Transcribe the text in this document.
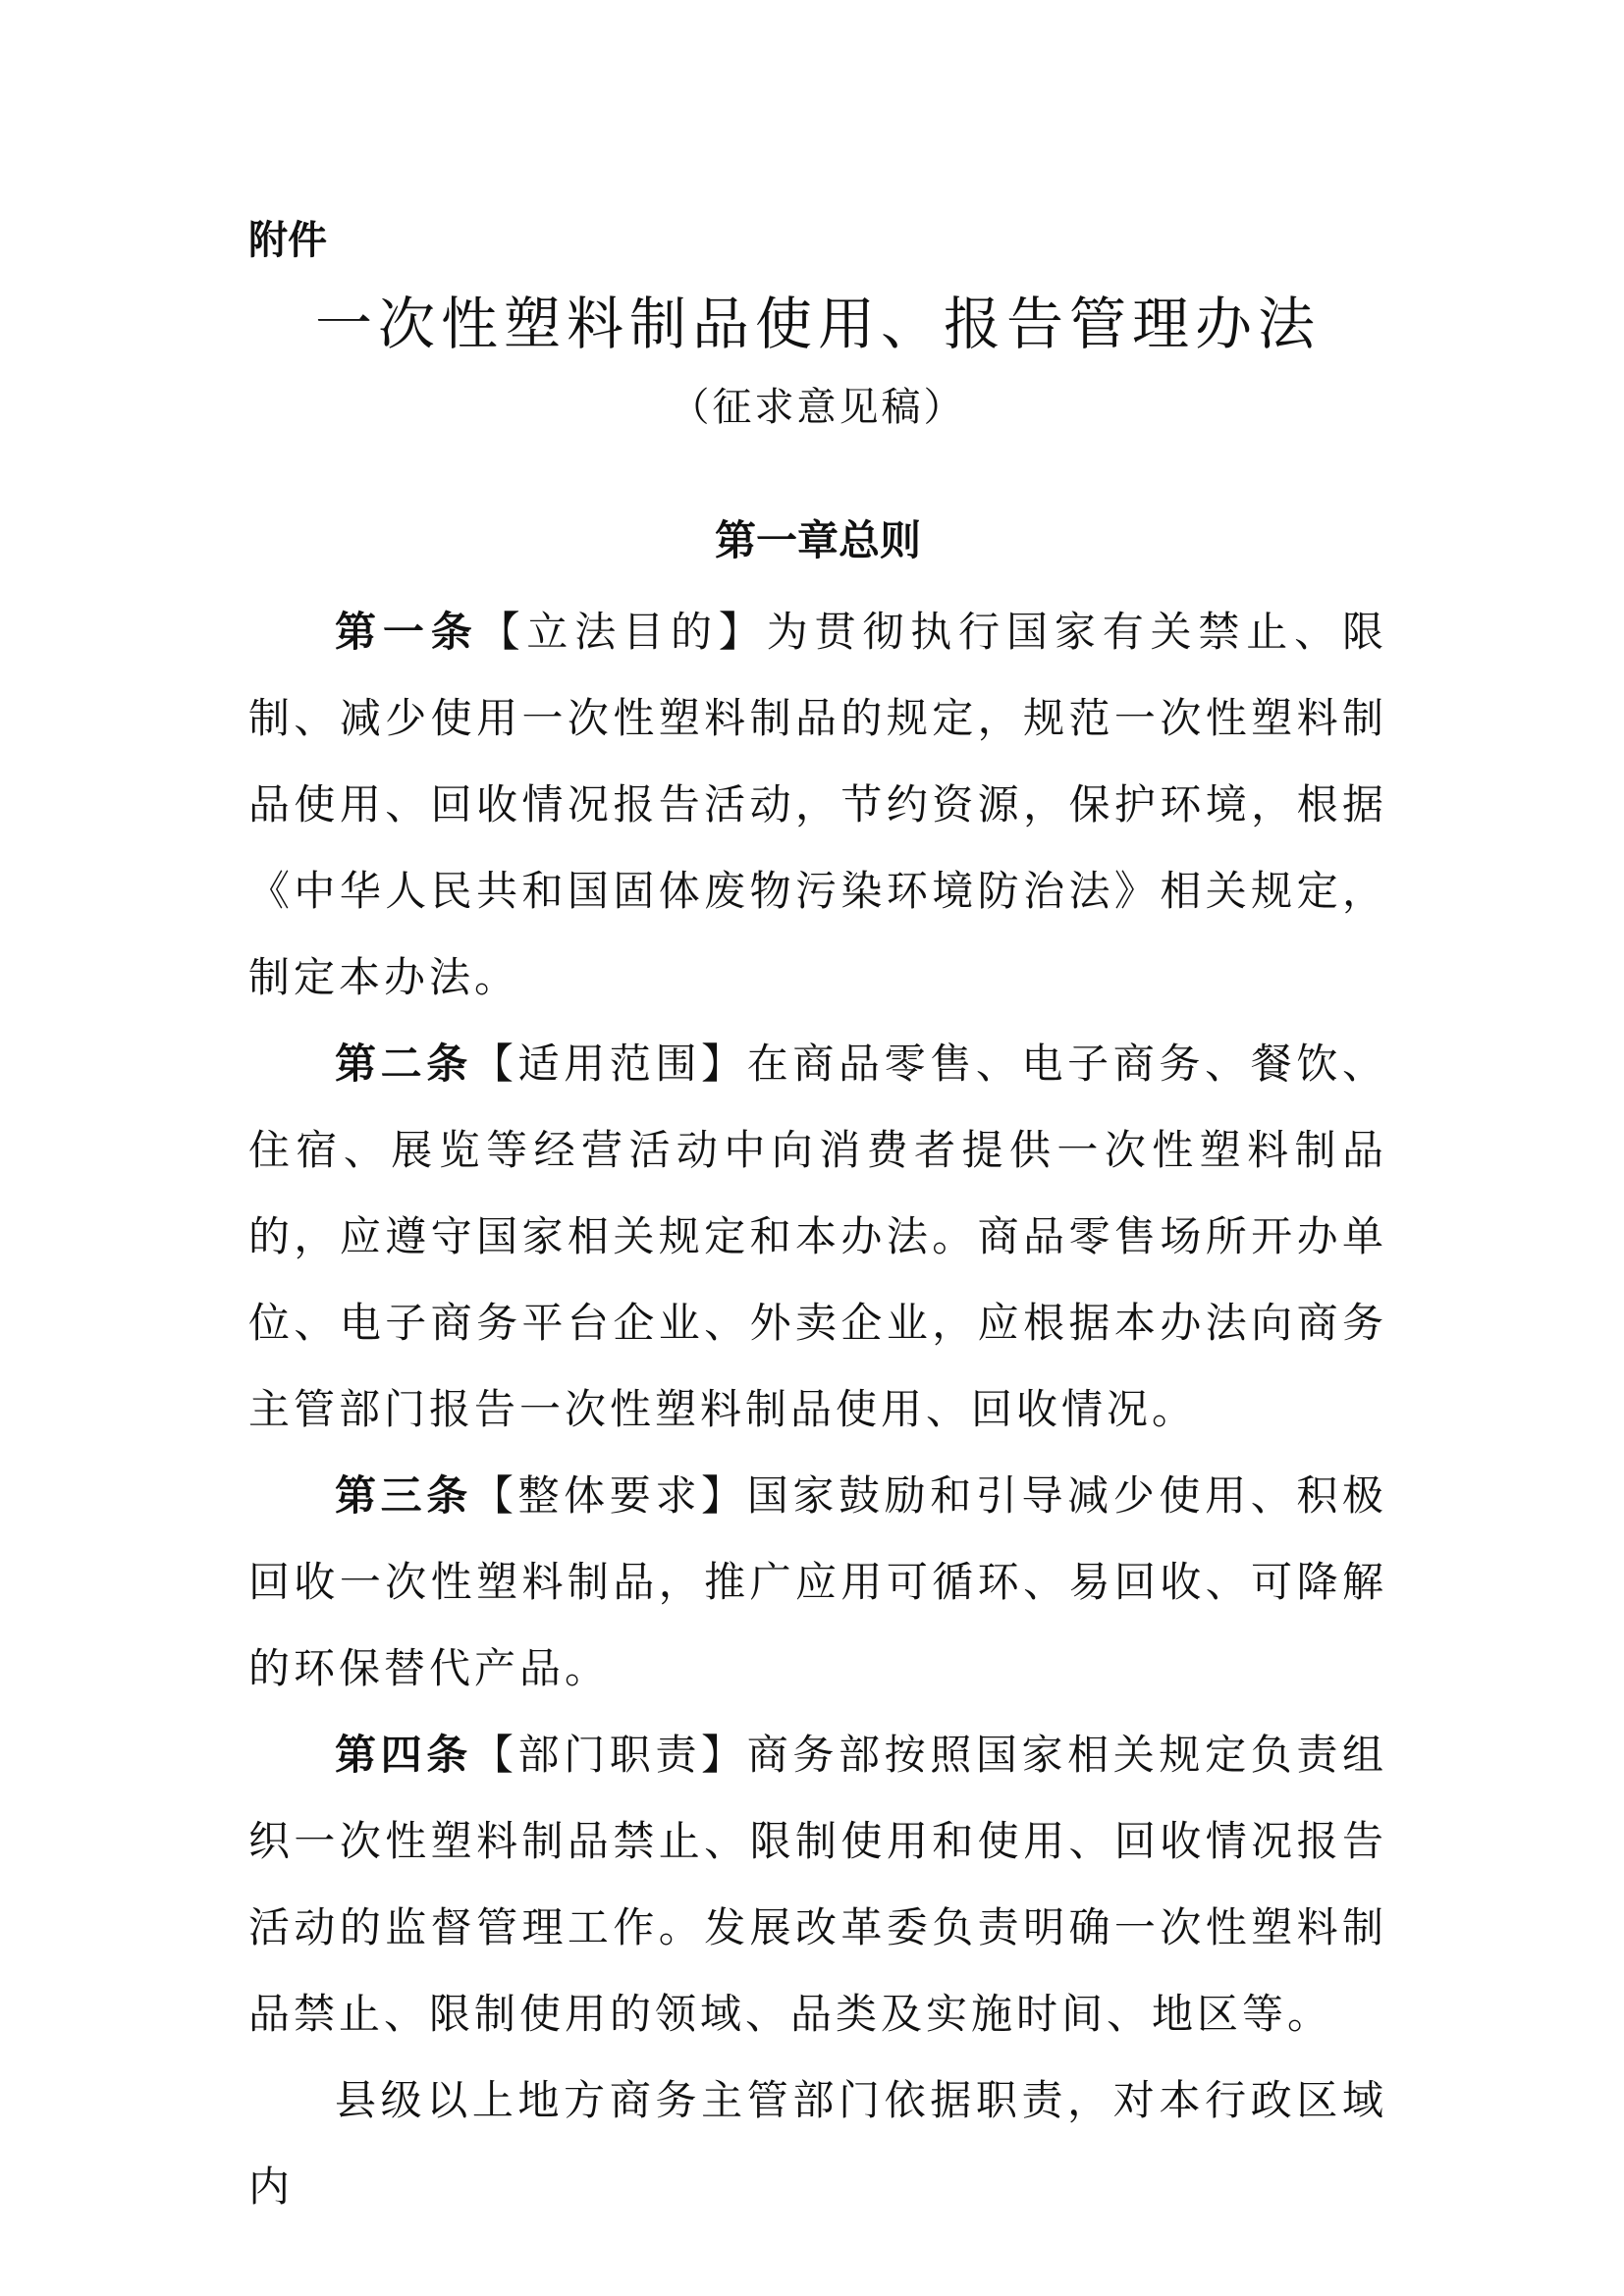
附件

一次性塑料制品使用、报告管理办法

（征求意见稿）

第一章总则

第一条【立法目的】为贯彻执行国家有关禁止、限制、减少使用一次性塑料制品的规定，规范一次性塑料制品使用、回收情况报告活动，节约资源，保护环境，根据《中华人民共和国固体废物污染环境防治法》相关规定，制定本办法。

第二条【适用范围】在商品零售、电子商务、餐饮、住宿、展览等经营活动中向消费者提供一次性塑料制品的，应遵守国家相关规定和本办法。商品零售场所开办单位、电子商务平台企业、外卖企业，应根据本办法向商务主管部门报告一次性塑料制品使用、回收情况。

第三条【整体要求】国家鼓励和引导减少使用、积极回收一次性塑料制品，推广应用可循环、易回收、可降解的环保替代产品。

第四条【部门职责】商务部按照国家相关规定负责组织一次性塑料制品禁止、限制使用和使用、回收情况报告活动的监督管理工作。发展改革委负责明确一次性塑料制品禁止、限制使用的领域、品类及实施时间、地区等。

县级以上地方商务主管部门依据职责，对本行政区域内
